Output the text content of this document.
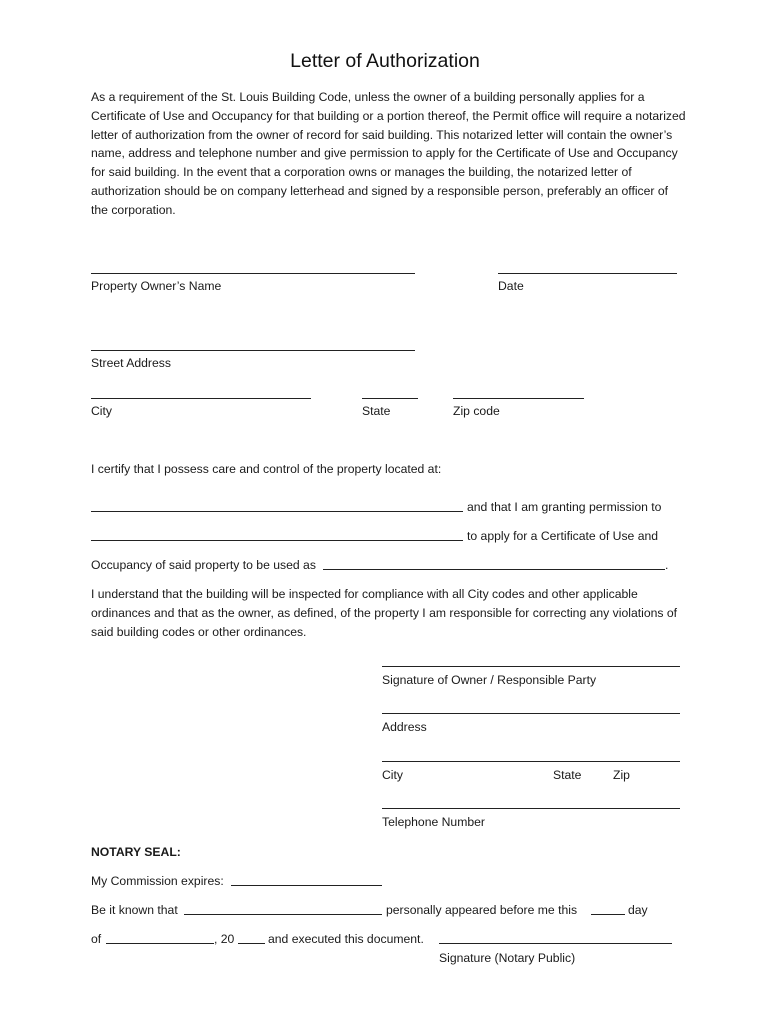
Letter of Authorization
As a requirement of the St. Louis Building Code, unless the owner of a building personally applies for a Certificate of Use and Occupancy for that building or a portion thereof, the Permit office will require a notarized letter of authorization from the owner of record for said building. This notarized letter will contain the owner’s name, address and telephone number and give permission to apply for the Certificate of Use and Occupancy for said building. In the event that a corporation owns or manages the building, the notarized letter of authorization should be on company letterhead and signed by a responsible person, preferably an officer of the corporation.
Property Owner’s Name	Date
Street Address
City	State	Zip code
I certify that I possess care and control of the property located at:
and that I am granting permission to
to apply for a Certificate of Use and
Occupancy of said property to be used as	.
I understand that the building will be inspected for compliance with all City codes and other applicable ordinances and that as the owner, as defined, of the property I am responsible for correcting any violations of said building codes or other ordinances.
Signature of Owner / Responsible Party
Address
City	State	Zip
Telephone Number
NOTARY SEAL:
My Commission expires:
Be it known that	personally appeared before me this	day
of	, 20	and executed this document.
Signature (Notary Public)
